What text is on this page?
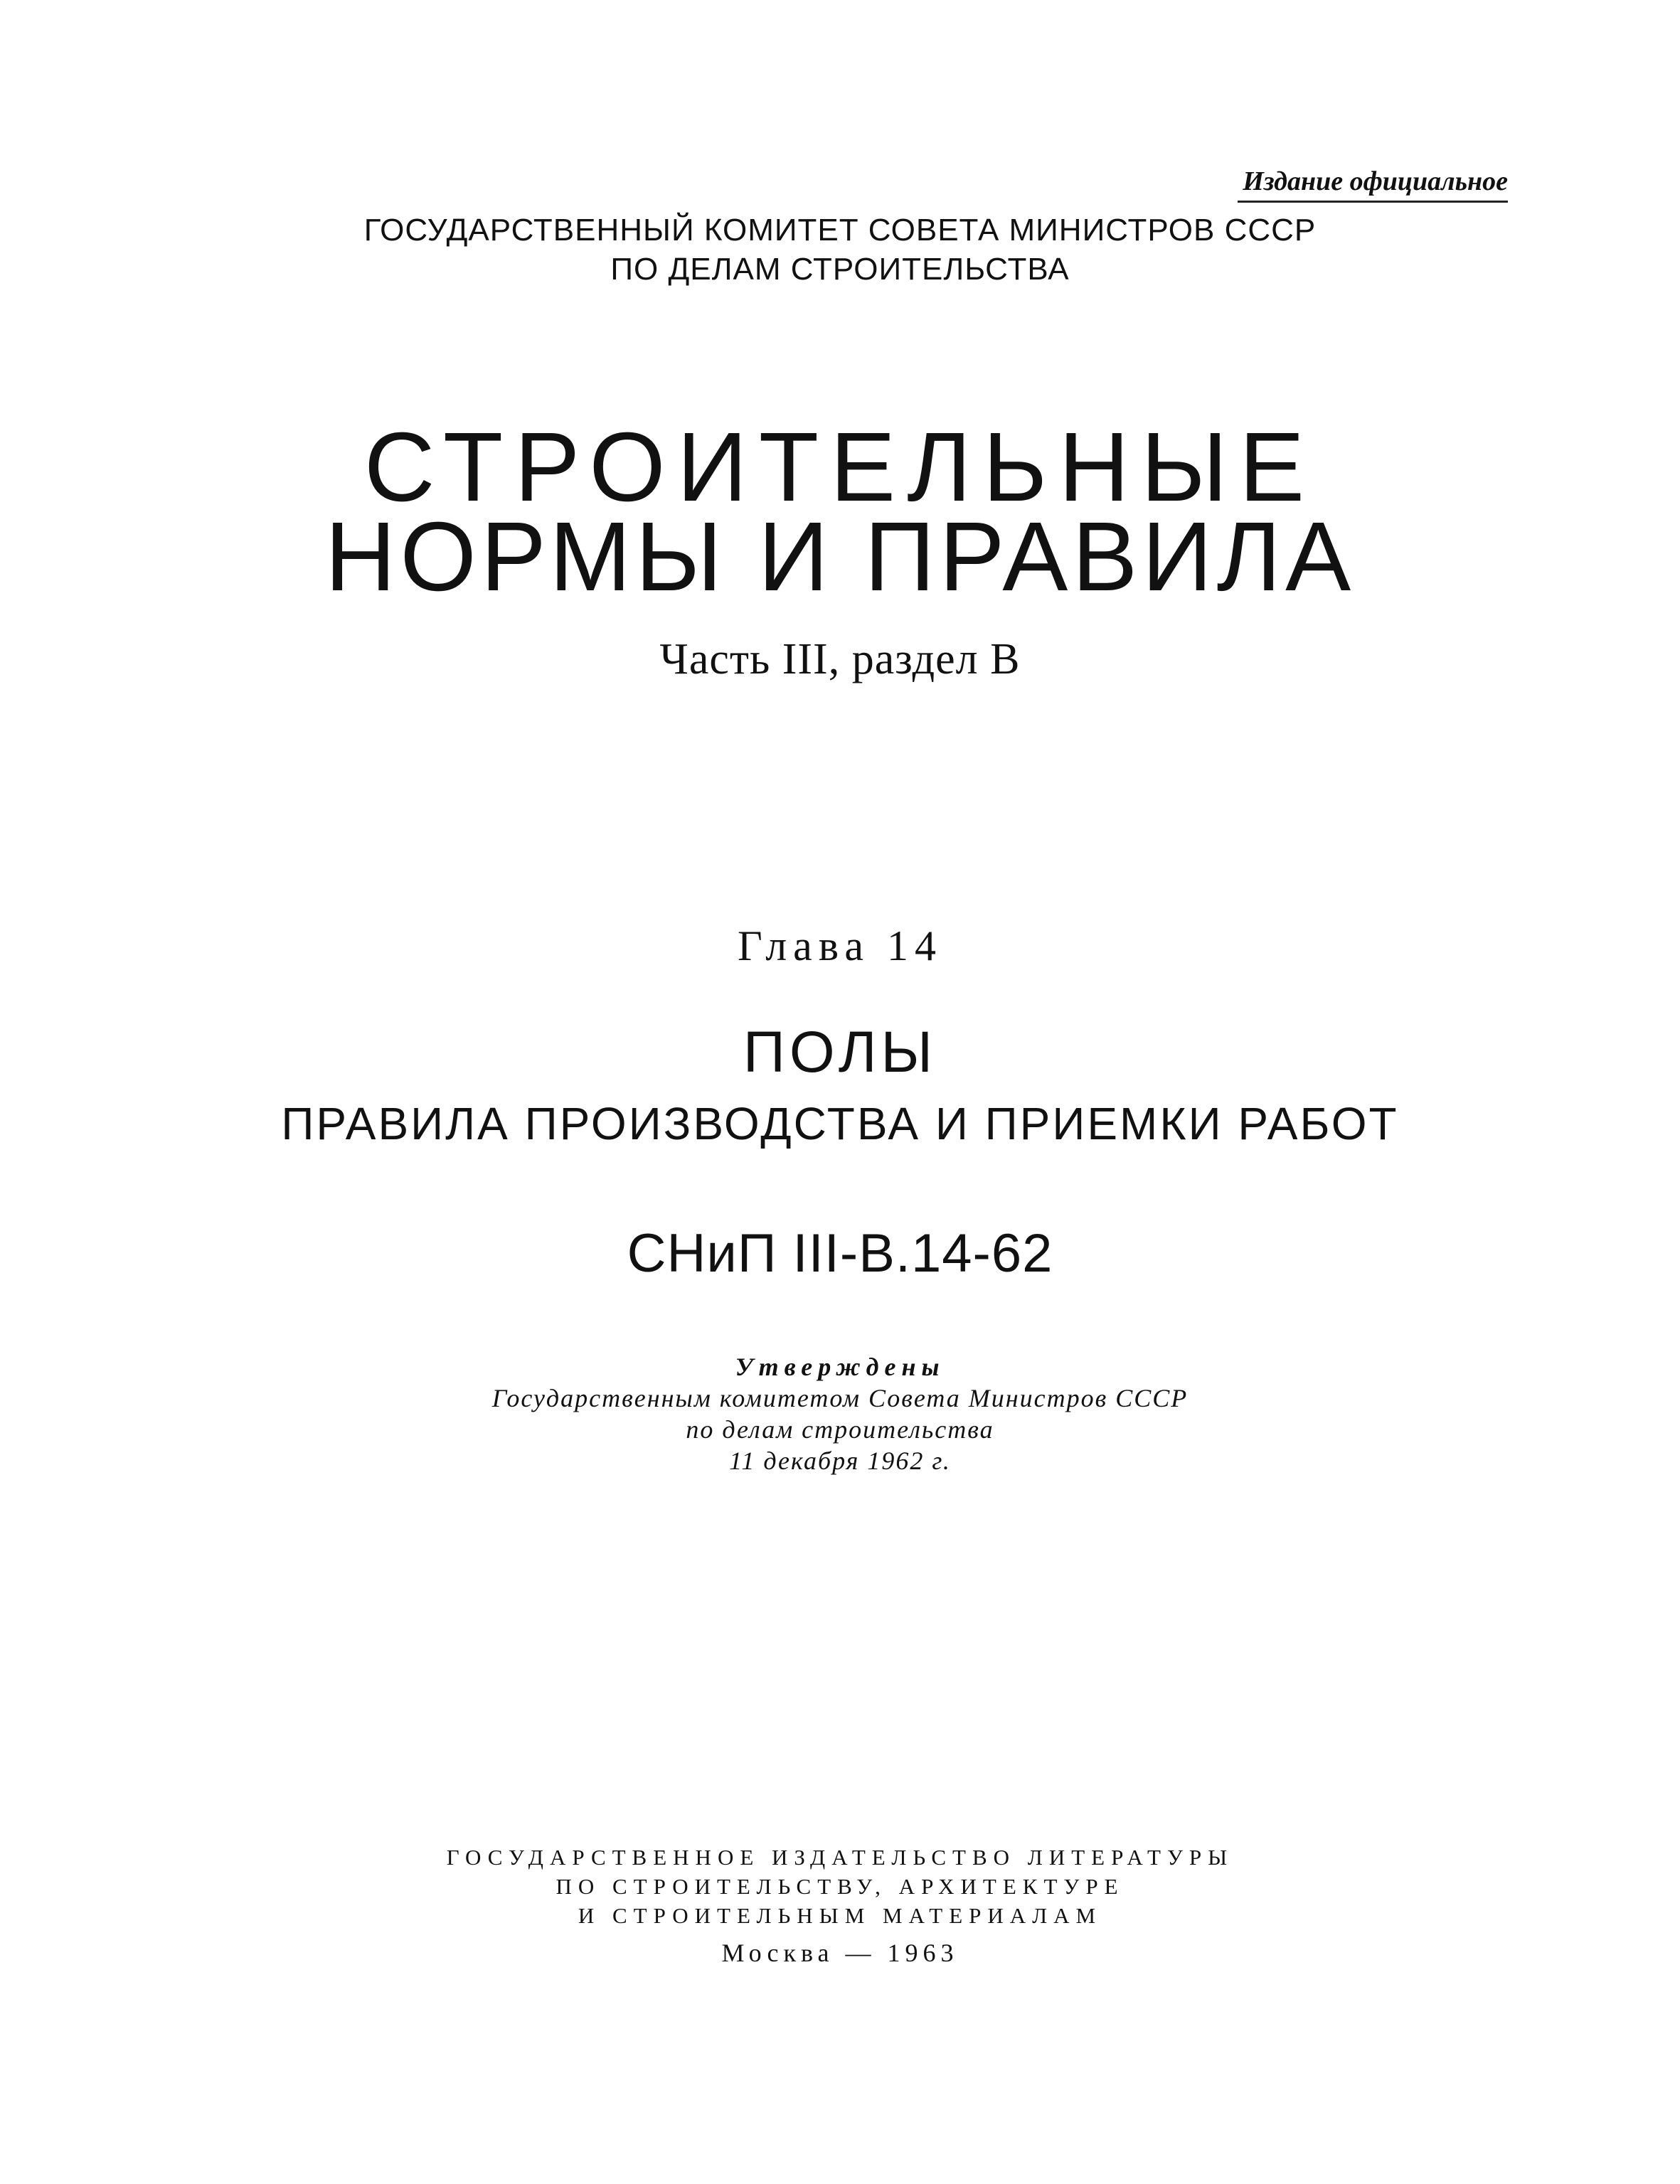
Издание официальное
ГОСУДАРСТВЕННЫЙ КОМИТЕТ СОВЕТА МИНИСТРОВ СССР
ПО ДЕЛАМ СТРОИТЕЛЬСТВА
СТРОИТЕЛЬНЫЕ
НОРМЫ И ПРАВИЛА
Часть III, раздел В
Глава 14
ПОЛЫ
ПРАВИЛА ПРОИЗВОДСТВА И ПРИЕМКИ РАБОТ
СНиП III-В.14-62
Утверждены
Государственным комитетом Совета Министров СССР
по делам строительства
11 декабря 1962 г.
ГОСУДАРСТВЕННОЕ ИЗДАТЕЛЬСТВО ЛИТЕРАТУРЫ
ПО СТРОИТЕЛЬСТВУ, АРХИТЕКТУРЕ
И СТРОИТЕЛЬНЫМ МАТЕРИАЛАМ
Москва — 1963
